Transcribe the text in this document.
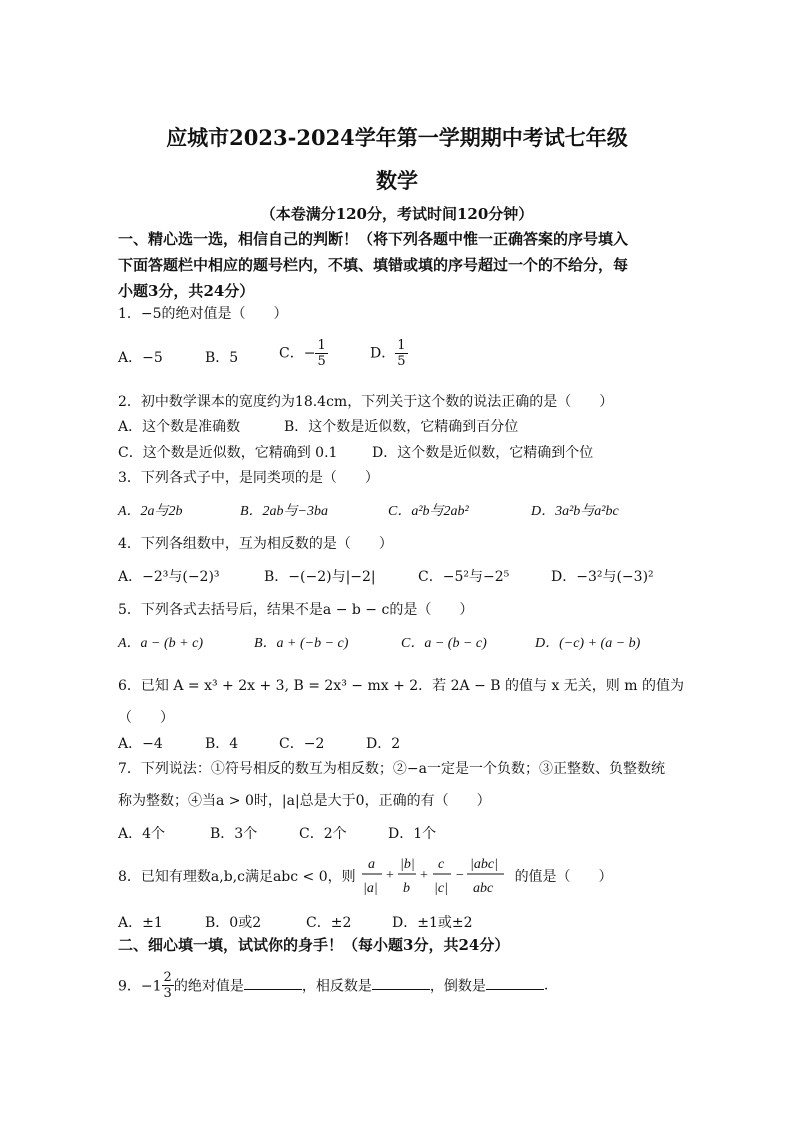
应城市2023-2024学年第一学期期中考试七年级
数学
（本卷满分120分，考试时间120分钟）
一、精心选一选，相信自己的判断！（将下列各题中惟一正确答案的序号填入
下面答题栏中相应的题号栏内，不填、填错或填的序号超过一个的不给分，每
小题3分，共24分）
1．−5的绝对值是（　　）
A．−5	B．5	C．− $\frac{1}{5}$	D． $\frac{1}{5}$
2．初中数学课本的宽度约为18.4cm，下列关于这个数的说法正确的是（　　）
A．这个数是准确数	B．这个数是近似数，它精确到百分位
C．这个数是近似数，它精确到 0.1 D．这个数是近似数，它精确到个位
3．下列各式子中，是同类项的是（　　）
A．2a与2b	B．2ab与−3ba	C．a²b与2ab²	D．3a²b与a²bc
4．下列各组数中，互为相反数的是（　　）
A．−2³与(−2)³	B．−(−2)与|−2|	C．−5²与−2⁵	D．−3²与(−3)²
5．下列各式去括号后，结果不是a − b − c的是（　　）
A．a − (b + c)	B．a + (−b − c)	C．a − (b − c)	D．(−c) + (a − b)
6．已知 A = x³ + 2x + 3, B = 2x³ − mx + 2．若 2A − B 的值与 x 无关，则 m 的值为
（　　）
A．−4	B．4	C．−2	D．2
7．下列说法：①符号相反的数互为相反数；②−a一定是一个负数；③正整数、负整数统
称为整数；④当a > 0时，|a|总是大于0，正确的有（　　）
A．4个	B．3个	C．2个	D．1个
8．已知有理数a,b,c满足abc < 0，则
a
|a|
+
|b|
b
+
c
|c|
−
|abc|
abc
的值是（　　）
A．±1	B．0或2	C．±2	D．±1或±2
二、细心填一填，试试你的身手！（每小题3分，共24分）
9．$-1 \frac{2}{3}$ 的绝对值是	，相反数是	，倒数是	.
